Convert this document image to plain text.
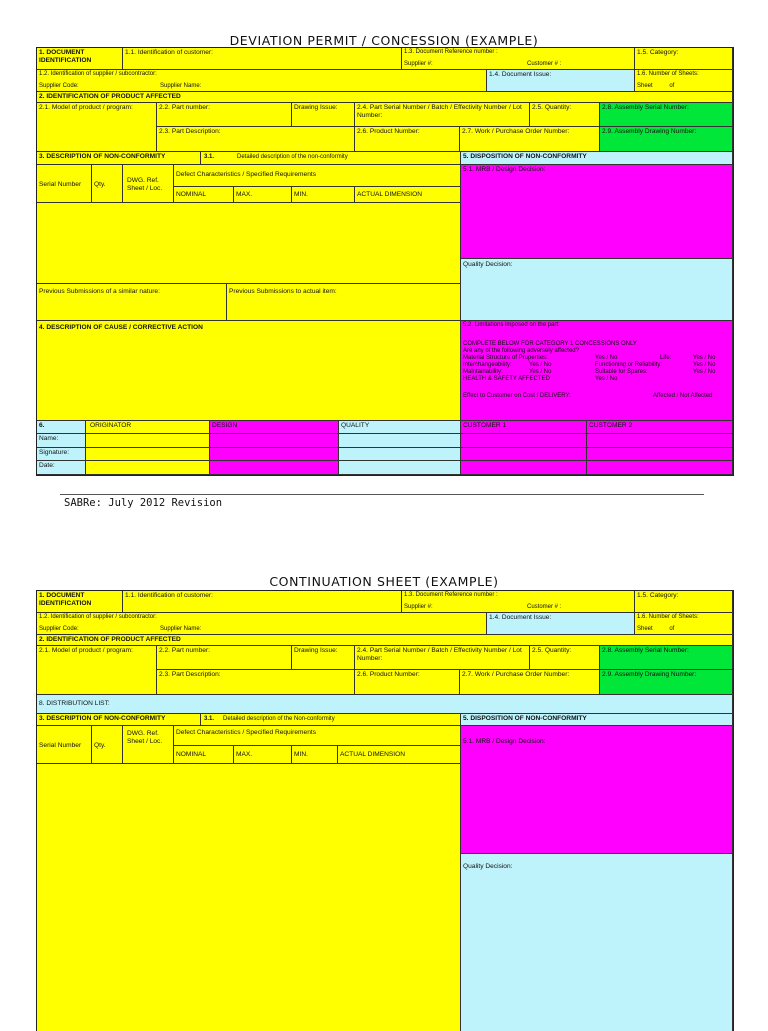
DEVIATION PERMIT / CONCESSION (EXAMPLE)
1. DOCUMENT IDENTIFICATION
1.1. Identification of customer:	1.3. Document Reference number :
Supplier #:	Customer # :
1.5. Category:
1.2. Identification of supplier / subcontractor:
Supplier Code:	Supplier Name:
1.4. Document Issue:	1.6. Number of Sheets:
Sheet          of
2. IDENTIFICATION OF PRODUCT AFFECTED
2.1. Model of product / program:	2.2. Part number:	Drawing Issue:	2.4. Part Serial Number / Batch / Effectivity Number / Lot Number:
2.5. Quantity:	2.8. Assembly Serial Number:
2.3. Part Description:	2.6. Product Number:	2.7. Work / Purchase Order Number:	2.9. Assembly Drawing Number:
3. DESCRIPTION OF NON-CONFORMITY	3.1.	Detailed description of the non-conformity	5. DISPOSITION OF NON-CONFORMITY
Serial Number	Qty.
DWG. Ref. Sheet / Loc.
Defect Characteristics / Specified Requirements
NOMINAL	MAX.	MIN.	ACTUAL DIMENSION
5.1. MRB / Design Decision:
Quality Decision:
Previous Submissions of a similar nature:	Previous Submissions to actual item:
4. DESCRIPTION OF CAUSE / CORRECTIVE ACTION	5.2. Limitations imposed on the part:
COMPLETE BELOW FOR CATEGORY 1 CONCESSIONS ONLY
Are any of the following adversely affected?
Material Structure of Properties:	Yes / No	Life:	Yes / No
Interchangeability:	Yes / No	Functioning or Reliability:	Yes / No
Maintainability:	Yes / No	Suitable for Spares:	Yes / No
HEALTH & SAFETY AFFECTED	Yes / No
Effect to Customer on Cost / DELIVERY:	Affected / Not Affected
6.	ORIGINATOR	DESIGN	QUALITY	CUSTOMER 1	CUSTOMER 2
Name:
Signature:
Date:
SABRe: July 2012 Revision
CONTINUATION SHEET (EXAMPLE)
1. DOCUMENT IDENTIFICATION
1.1. Identification of customer:	1.3. Document Reference number :
Supplier #:	Customer # :
1.5. Category:
1.2. Identification of supplier / subcontractor:
Supplier Code:	Supplier Name:
1.4. Document Issue:	1.6. Number of Sheets:
Sheet          of
2. IDENTIFICATION OF PRODUCT AFFECTED
2.1. Model of product / program:	2.2. Part number:	Drawing Issue:	2.4. Part Serial Number / Batch / Effectivity Number / Lot Number:
2.5. Quantity:	2.8. Assembly Serial Number:
2.3. Part Description:	2.6. Product Number:	2.7. Work / Purchase Order Number:	2.9. Assembly Drawing Number:
8. DISTRIBUTION LIST:
3. DESCRIPTION OF NON-CONFORMITY	3.1. Detailed description of the Non-conformity	5. DISPOSITION OF NON-CONFORMITY
Serial Number	Qty.
DWG. Ref. Sheet / Loc.
Defect Characteristics / Specified Requirements
NOMINAL	MAX.	MIN.	ACTUAL DIMENSION
5.1. MRB / Design Decision:
Quality Decision:
